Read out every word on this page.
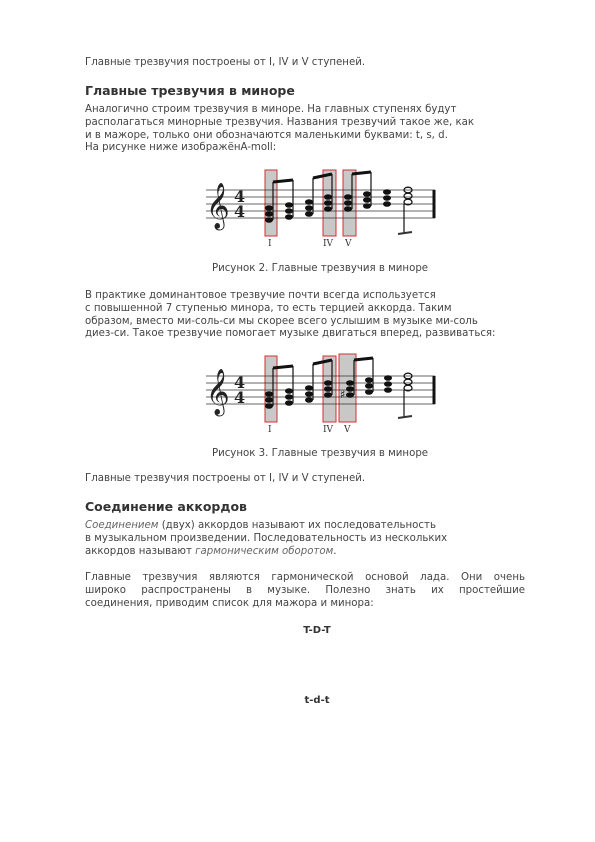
Главные трезвучия построены от I, IV и V ступеней.

Главные трезвучия в миноре
Аналогично строим трезвучия в миноре. На главных ступенях будут
располагаться минорные трезвучия. Названия трезвучий такое же, как
и в мажоре, только они обозначаются маленькими буквами: t, s, d.
На рисунке ниже изображёнA-moll:
𝄞 4
4
I	IV V
Рисунок 2. Главные трезвучия в миноре
В практике доминантовое трезвучие почти всегда используется
с повышенной 7 ступенью минора, то есть терцией аккорда. Таким
образом, вместо ми-соль-си мы скорее всего услышим в музыке ми-соль
диез-си. Такое трезвучие помогает музыке двигаться вперед, развиваться:
𝄞 4
4	♯
I	IV V
Рисунок 3. Главные трезвучия в миноре

Главные трезвучия построены от I, IV и V ступеней.

Соединение аккордов
Соединением (двух) аккордов называют их последовательность
в музыкальном произведении. Последовательность из нескольких
аккордов называют гармоническим оборотом.
Главные трезвучия являются гармонической основой лада. Они очень
широко распространены в музыке. Полезно знать их простейшие
соединения, приводим список для мажора и минора:
T-D-T
t-d-t
